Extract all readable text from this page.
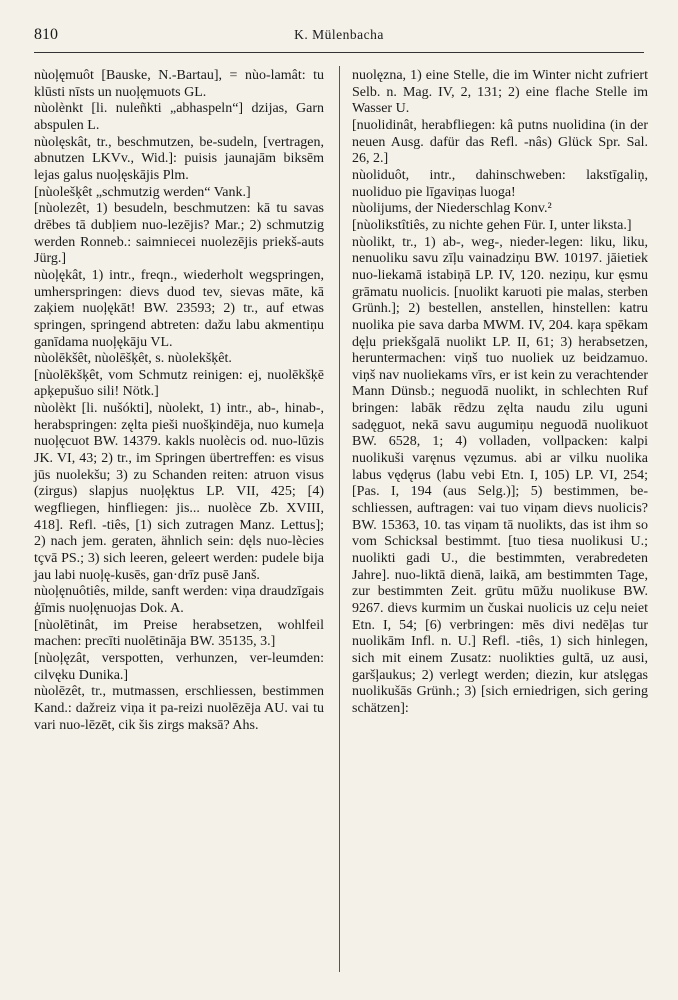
810	K. Mülenbacha

nùoļęmuôt [Bauske, N.-Bartau], = nùo-lamât: tu klūsti nīsts un nuoļęmuots GL.

nùolènkt [li. nuleñkti „abhaspeln“] dzijas, Garn abspulen L.

nùolęskât, tr., beschmutzen, be-sudeln, [vertragen, abnutzen LKVv., Wid.]: puisis jaunajām biksēm lejas galus nuoļęskājis Plm.

[nùolešķêt „schmutzig werden“ Vank.]

[nùolezêt, 1) besudeln, beschmutzen: kā tu savas drēbes tā dubļiem nuo-lezējis? Mar.; 2) schmutzig werden Ronneb.: saimniecei nuolezējis priekš-auts Jürg.]

nùoļękât, 1) intr., freqn., wiederholt wegspringen, umherspringen: dievs duod tev, sievas māte, kā zaķiem nuoļękāt! BW. 23593; 2) tr., auf etwas springen, springend abtreten: dažu labu akmentiņu ganīdama nuoļękāju VL.

nùolēkšêt, nùolēšķêt, s. nùolekšķêt.

[nùolēkšķêt, vom Schmutz reinigen: ej, nuolēkšķē apķepušuo sili! Nötk.]

nùolèkt [li. nušókti], nùolekt, 1) intr., ab-, hinab-, herabspringen: zęlta pieši nuošķindēja, nuo kumeļa nuoļęcuot BW. 14379. kakls nuolècis od. nuo-lūzis JK. VI, 43; 2) tr., im Springen übertreffen: es visus jūs nuolekšu; 3) zu Schanden reiten: atruon visus (zirgus) slapjus nuoļęktus LP. VII, 425; [4) wegfliegen, hinfliegen: jis... nuolèce Zb. XVIII, 418]. Refl. -tiês, [1) sich zutragen Manz. Lettus]; 2) nach jem. geraten, ähnlich sein: dęls nuo-lècies tçvā PS.; 3) sich leeren, geleert werden: pudele bija jau labi nuoļę-kusēs, gan·drīz pusē Janš.

nùoļęnuôtiês, milde, sanft werden: viņa draudzīgais ģīmis nuoļęnuojas Dok. A.

[nùolētinât, im Preise herabsetzen, wohlfeil machen: precīti nuolētināja BW. 35135, 3.]

[nùoļęzât, verspotten, verhunzen, ver-leumden: cilvęku Dunika.]

nùolēzêt, tr., mutmassen, erschliessen, bestimmen Kand.: dažreiz viņa it pa-reizi nuolēzēja AU. vai tu vari nuo-lēzēt, cik šis zirgs maksā? Ahs.

nuolęzna, 1) eine Stelle, die im Winter nicht zufriert Selb. n. Mag. IV, 2, 131; 2) eine flache Stelle im Wasser U.

[nuolidinât, herabfliegen: kâ putns nuolidina (in der neuen Ausg. dafür das Refl. -nâs) Glück Spr. Sal. 26, 2.]

nùoliduôt, intr., dahinschweben: lakstīgaliņ, nuoliduo pie līgaviņas luoga!

nùolijums, der Niederschlag Konv.²

[nùolikstîtiês, zu nichte gehen Für. I, unter liksta.]

nùolikt, tr., 1) ab-, weg-, nieder-legen: liku, liku, nenuoliku savu zīļu vainadziņu BW. 10197. jāietiek nuo-liekamā istabiņā LP. IV, 120. neziņu, kur ęsmu grāmatu nuolicis. [nuolikt karuoti pie malas, sterben Grünh.]; 2) bestellen, anstellen, hinstellen: katru nuolika pie sava darba MWM. IV, 204. kaŗa spēkam dęļu priekšgalā nuolikt LP. II, 61; 3) herabsetzen, heruntermachen: viņš tuo nuoliek uz beidzamuo. viņš nav nuoliekams vīrs, er ist kein zu verachtender Mann Dünsb.; neguodā nuolikt, in schlechten Ruf bringen: labāk rēdzu zęlta naudu zilu uguni sadęguot, nekā savu augumiņu neguodā nuolikuot BW. 6528, 1; 4) volladen, vollpacken: kalpi nuolikuši varęnus vęzumus. abi ar vilku nuolika labus vędęrus (labu vebi Etn. I, 105) LP. VI, 254; [Pas. I, 194 (aus Selg.)]; 5) bestimmen, be-schliessen, auftragen: vai tuo viņam dievs nuolicis? BW. 15363, 10. tas viņam tā nuolikts, das ist ihm so vom Schicksal bestimmt. [tuo tiesa nuolikusi U.; nuolikti gadi U., die bestimmten, verabredeten Jahre]. nuo-liktā dienā, laikā, am bestimmten Tage, zur bestimmten Zeit. grūtu mūžu nuolikuse BW. 9267. dievs kurmim un čuskai nuolicis uz ceļu neiet Etn. I, 54; [6) verbringen: mēs divi nedēļas tur nuolikām Infl. n. U.] Refl. -tiês, 1) sich hinlegen, sich mit einem Zusatz: nuolikties gultā, uz ausi, garšļaukus; 2) verlegt werden; diezin, kur atslęgas nuolikušās Grünh.; 3) [sich erniedrigen, sich gering schätzen]:
